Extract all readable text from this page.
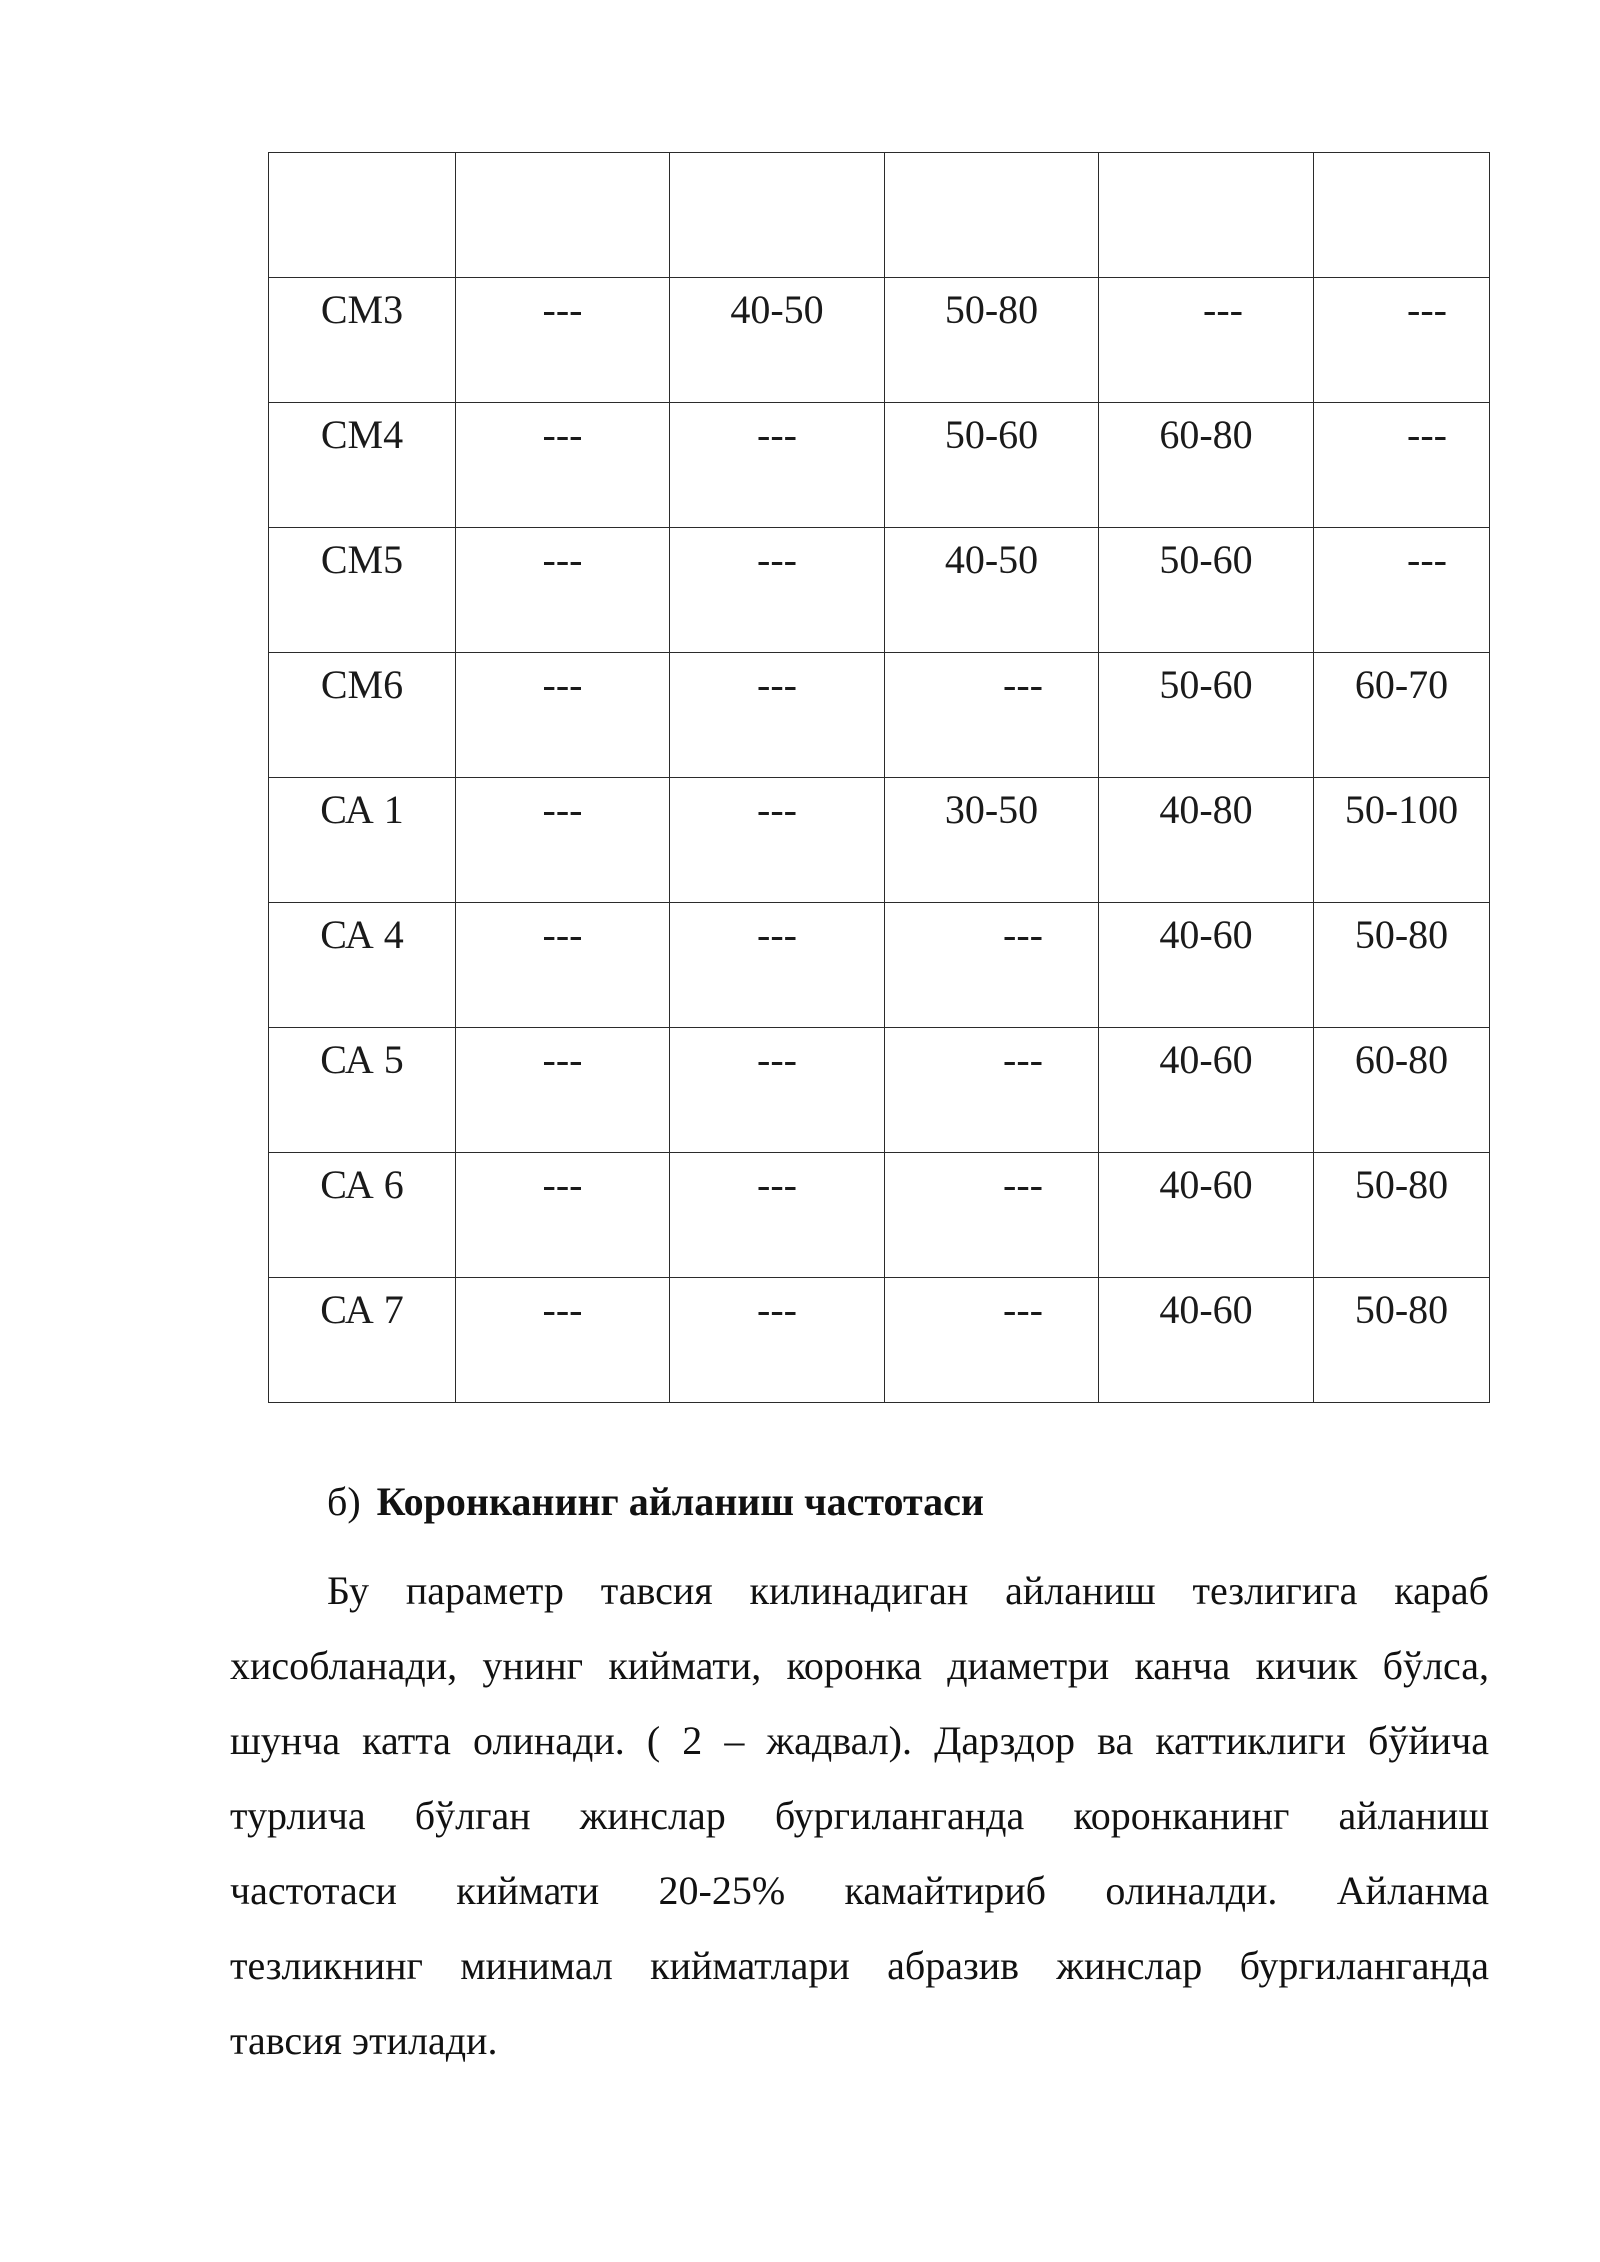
СМ3	---	40-50	50-80	---	---

СМ4	---	---	50-60	60-80	---

СМ5	---	---	40-50	50-60	---

СМ6	---	---	---	50-60	60-70

СА 1	---	---	30-50	40-80	50-100

СА 4	---	---	---	40-60	50-80

СА 5	---	---	---	40-60	60-80

СА 6	---	---	---	40-60	50-80

СА 7	---	---	---	40-60	50-80
б) Коронканинг айланиш частотаси

Бу параметр тавсия килинадиган айланиш тезлигига караб
хисобланади, унинг киймати, коронка диаметри канча кичик бўлса,
шунча катта олинади. ( 2 – жадвал). Дарздор ва каттиклиги бўйича
турлича бўлган жинслар бургиланганда коронканинг айланиш
частотаси киймати 20-25% камайтириб олиналди. Айланма
тезликнинг минимал кийматлари абразив жинслар бургиланганда
тавсия этилади.
